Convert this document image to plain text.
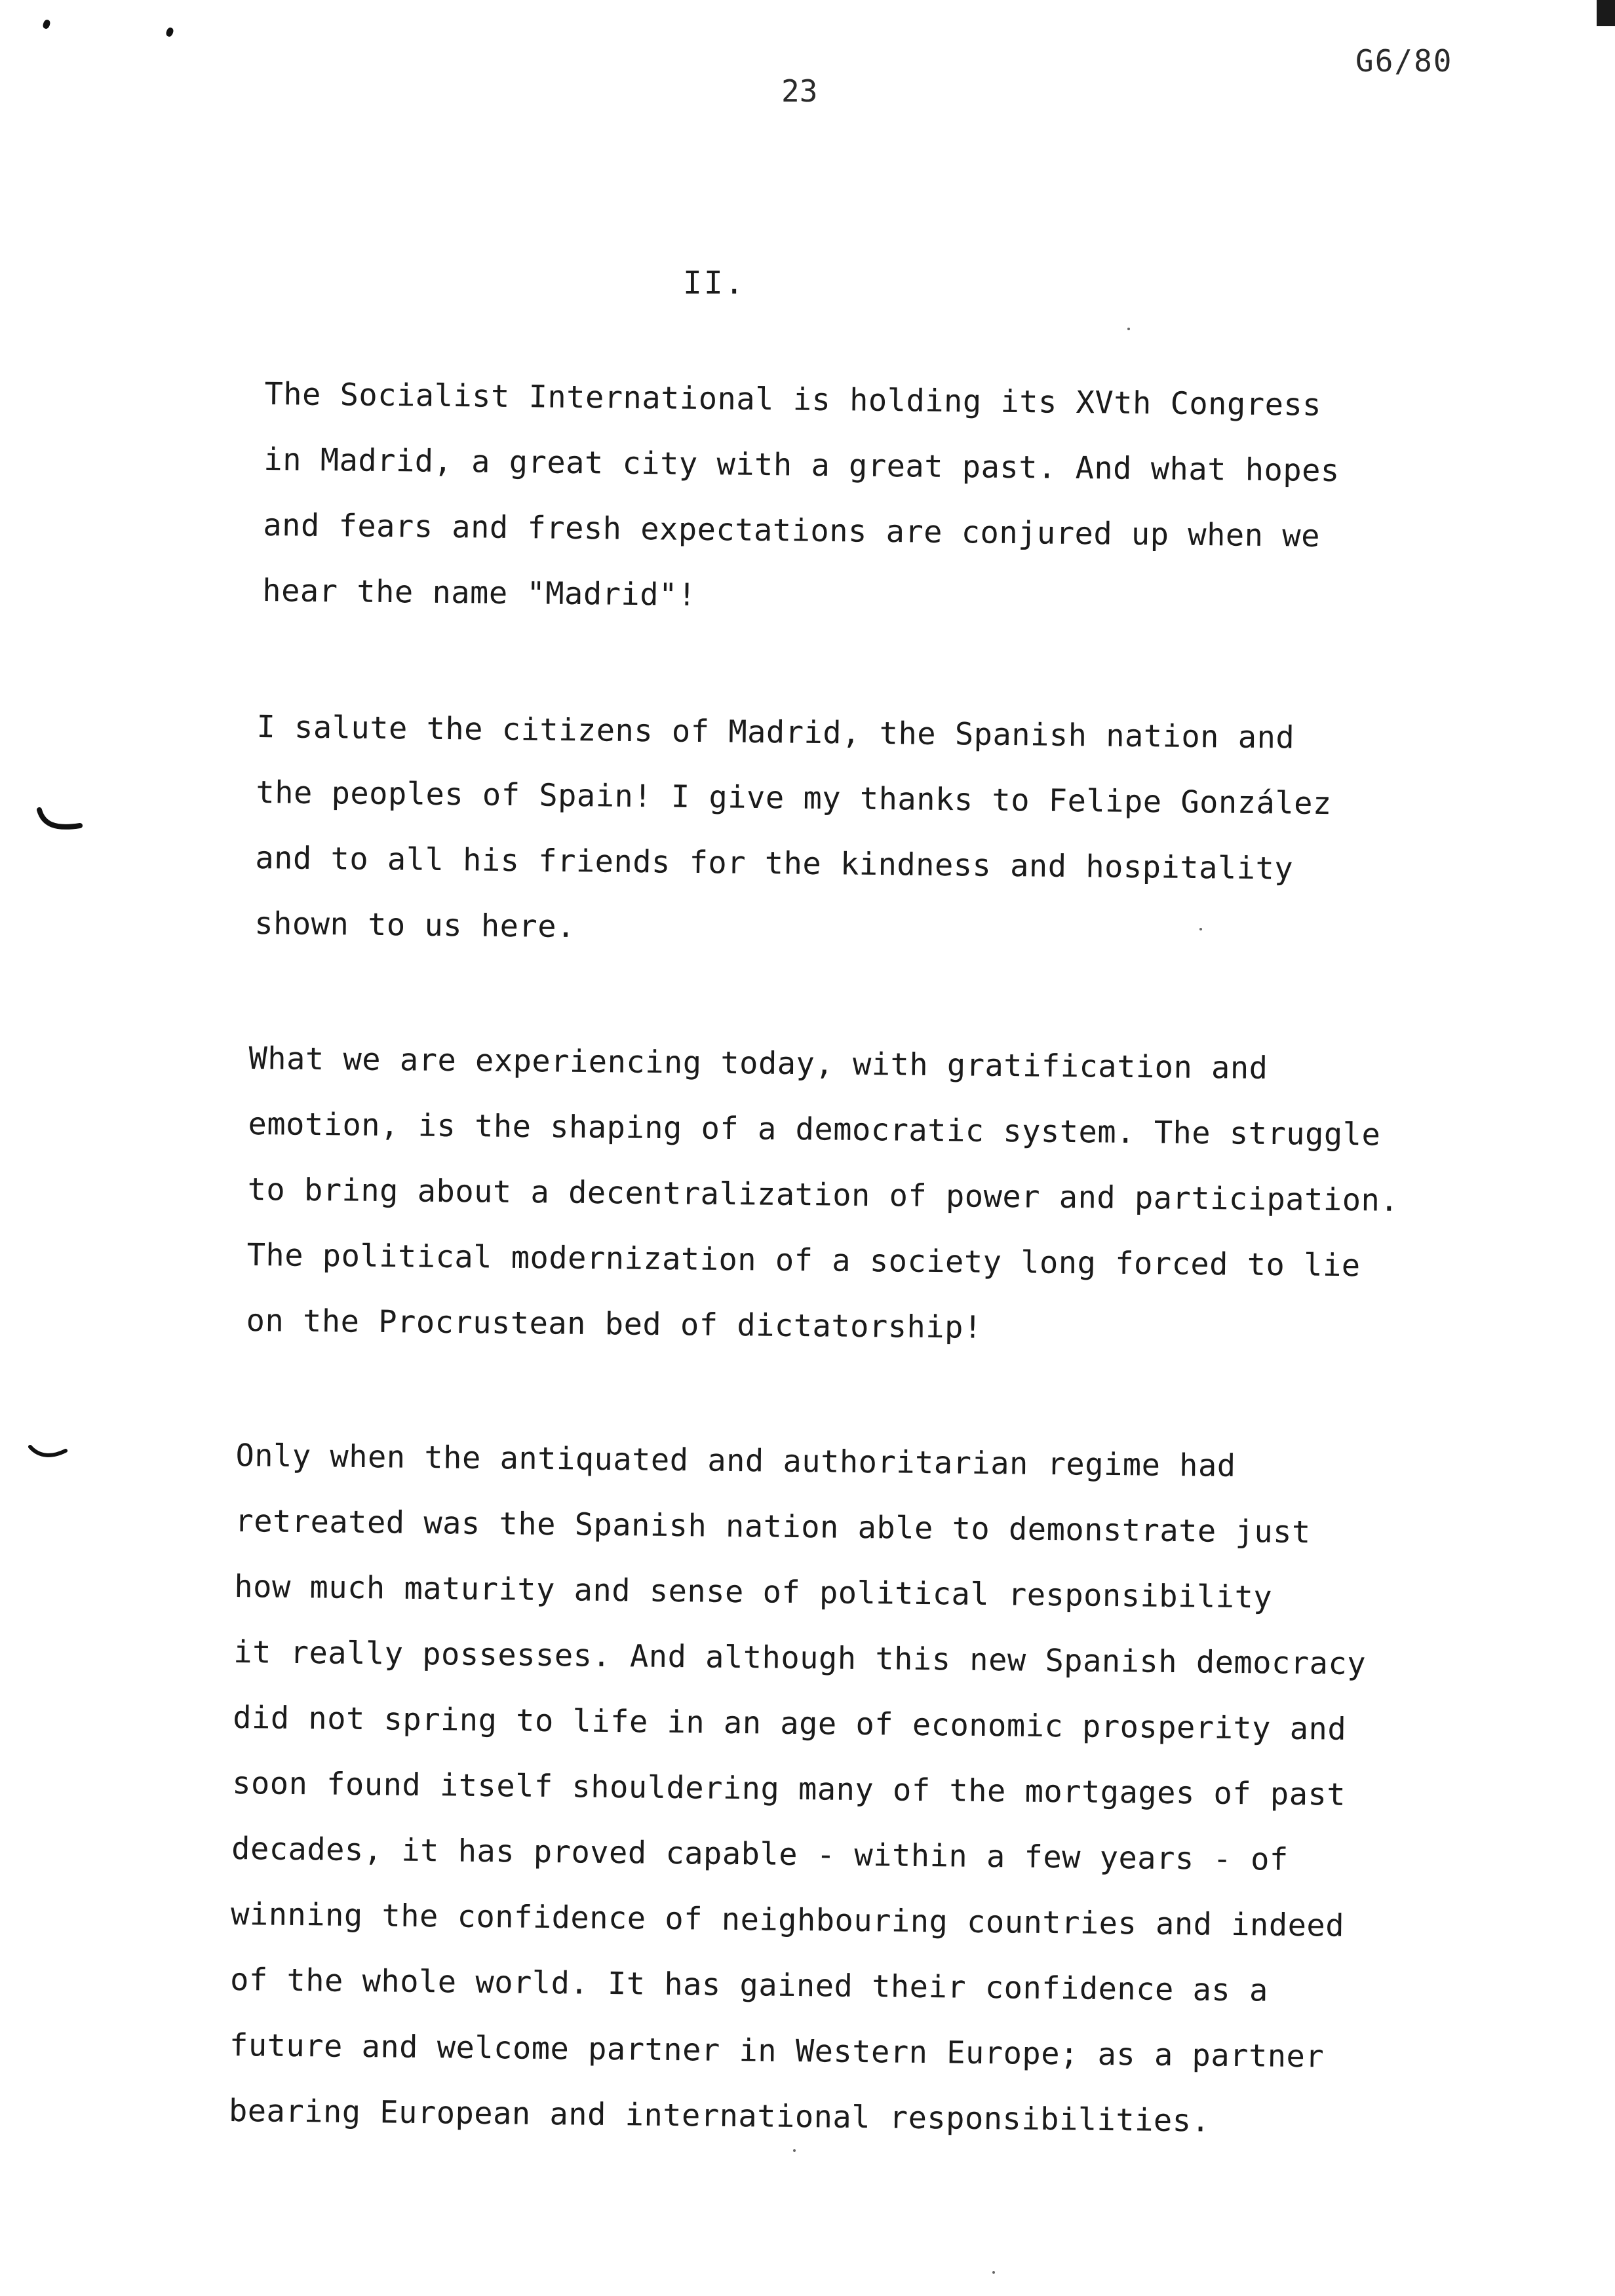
G6/80
23
II.
The Socialist International is holding its XVth Congress
in Madrid, a great city with a great past. And what hopes
and fears and fresh expectations are conjured up when we
hear the name "Madrid"!
I salute the citizens of Madrid, the Spanish nation and
the peoples of Spain! I give my thanks to Felipe González
and to all his friends for the kindness and hospitality
shown to us here.
What we are experiencing today, with gratification and
emotion, is the shaping of a democratic system. The struggle
to bring about a decentralization of power and participation.
The political modernization of a society long forced to lie
on the Procrustean bed of dictatorship!
Only when the antiquated and authoritarian regime had
retreated was the Spanish nation able to demonstrate just
how much maturity and sense of political responsibility
it really possesses. And although this new Spanish democracy
did not spring to life in an age of economic prosperity and
soon found itself shouldering many of the mortgages of past
decades, it has proved capable - within a few years - of
winning the confidence of neighbouring countries and indeed
of the whole world. It has gained their confidence as a
future and welcome partner in Western Europe; as a partner
bearing European and international responsibilities.
